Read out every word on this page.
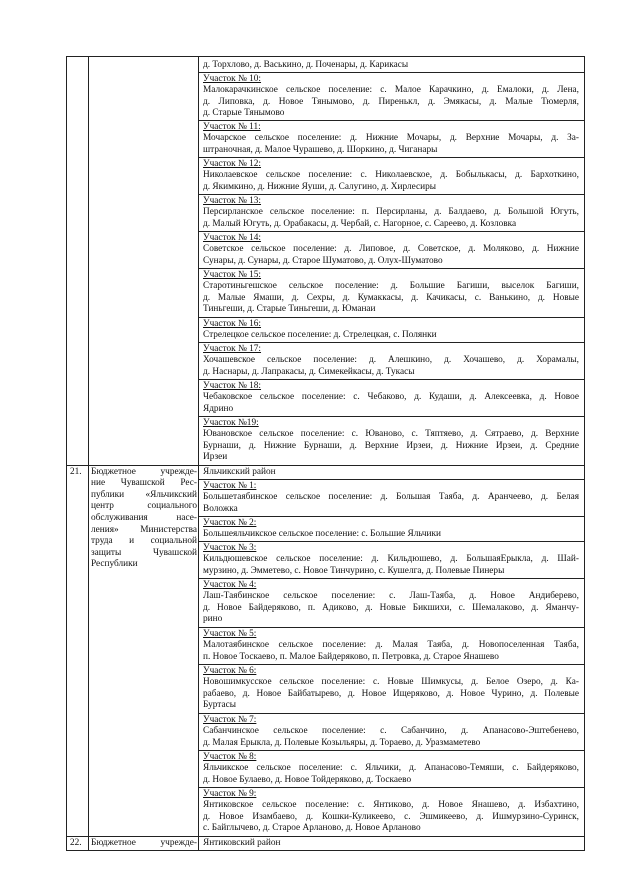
д. Торхлово, д. Васькино, д. Поченары, д. Карикасы
Участок № 10:
Малокарачкинское сельское поселение: с. Малое Карачкино, д. Емалоки, д. Лена,
д. Липовка, д. Новое Тянымово, д. Пиренькл, д. Эмякасы, д. Малые Тюмерля,
д. Старые Тянымово
Участок № 11:
Мочарское сельское поселение: д. Нижние Мочары, д. Верхние Мочары, д. За-
штраночная, д. Малое Чурашево, д. Шоркино, д. Чиганары
Участок № 12:
Николаевское сельское поселение: с. Николаевское, д. Бобылькасы, д. Бархоткино,
д. Якимкино, д. Нижние Яуши, д. Салугино, д. Хирлесиры
Участок № 13:
Персирланское сельское поселение: п. Персирланы, д. Балдаево, д. Большой Югуть,
д. Малый Югуть, д. Орабакасы, д. Чербай, с. Нагорное, с. Сареево, д. Козловка
Участок № 14:
Советское сельское поселение: д. Липовое, д. Советское, д. Моляково, д. Нижние
Сунары, д. Сунары, д. Старое Шуматово, д. Олух-Шуматово
Участок № 15:
Старотиньгешское сельское поселение: д. Большие Багиши, выселок Багиши,
д. Малые Ямаши, д. Сехры, д. Кумаккасы, д. Качикасы, с. Ванькино, д. Новые
Тиньгеши, д. Старые Тиньгеши, д. Юманаи
Участок № 16:
Стрелецкое сельское поселение: д. Стрелецкая, с. Полянки
Участок № 17:
Хочашевское сельское поселение: д. Алешкино, д. Хочашево, д. Хорамалы,
д. Наснары, д. Лапракасы, д. Симекейкасы, д. Тукасы
Участок № 18:
Чебаковское сельское поселение: с. Чебаково, д. Кудаши, д. Алексеевка, д. Новое
Ядрино
Участок №19:
Ювановское сельское поселение: с. Юваново, с. Тяптяево, д. Сятраево, д. Верхние
Бурнаши, д. Нижние Бурнаши, д. Верхние Ирзеи, д. Нижние Ирзеи, д. Средние
Ирзеи
Яльчикский район
Участок № 1:
Большетаябинское сельское поселение: д. Большая Таяба, д. Аранчеево, д. Белая
Воложка
Участок № 2:
Большеяльчикское сельское поселение: с. Большие Яльчики
Участок № 3:
Кильдюшевское сельское поселение: д. Кильдюшево, д. БольшаяЕрыкла, д. Шай-
мурзино, д. Эмметево, с. Новое Тинчурино, с. Кушелга, д. Полевые Пинеры
Участок № 4:
Лаш-Таябинское сельское поселение: с. Лаш-Таяба, д. Новое Андиберево,
д. Новое Байдеряково, п. Адиково, д. Новые Бикшихи, с. Шемалаково, д. Яманчу-
рино
Участок № 5:
Малотаябинское сельское поселение: д. Малая Таяба, д. Новопоселенная Таяба,
п. Новое Тоскаево, п. Малое Байдеряково, п. Петровка, д. Старое Янашево
Участок № 6:
Новошимкусское сельское поселение: с. Новые Шимкусы, д. Белое Озеро, д. Ка-
рабаево, д. Новое Байбатырево, д. Новое Ищеряково, д. Новое Чурино, д. Полевые
Буртасы
Участок № 7:
Сабанчинское сельское поселение: с. Сабанчино, д. Апанасово-Эштебенево,
д. Малая Ерыкла, д. Полевые Козыльяры, д. Тораево, д. Уразмаметево
Участок № 8:
Яльчикское сельское поселение: с. Яльчики, д. Апанасово-Темяши, с. Байдеряково,
д. Новое Булаево, д. Новое Тойдеряково, д. Тоскаево
Участок № 9:
Янтиковское сельское поселение: с. Янтиково, д. Новое Янашево, д. Избахтино,
д. Новое Изамбаево, д. Кошки-Куликеево, с. Эшмикеево, д. Ишмурзино-Суринск,
с. Байглычево, д. Старое Арланово, д. Новое Арланово
21. Бюджетное учрежде-
ние Чувашской Рес-
публики «Яльчикский
центр социального
обслуживания насе-
ления» Министерства
труда и социальной
защиты Чувашской
Республики
Янтиковский район
22. Бюджетное учрежде-
